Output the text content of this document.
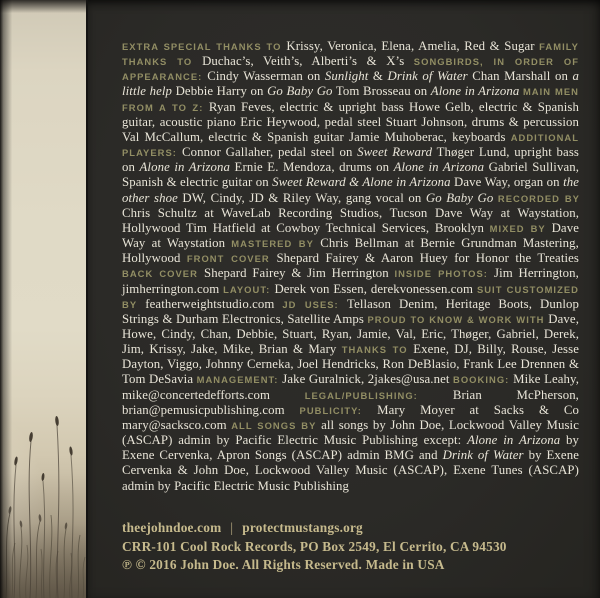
EXTRA SPECIAL THANKS TO Krissy, Veronica, Elena, Amelia, Red & Sugar FAMILY THANKS TO Duchac’s, Veith’s, Alberti’s & X’s SONGBIRDS, IN ORDER OF APPEARANCE: Cindy Wasserman on Sunlight & Drink of Water Chan Marshall on a little help Debbie Harry on Go Baby Go Tom Brosseau on Alone in Arizona MAIN MEN FROM A TO Z: Ryan Feves, electric & upright bass Howe Gelb, electric & Spanish guitar, acoustic piano Eric Heywood, pedal steel Stuart Johnson, drums & percussion Val McCallum, electric & Spanish guitar Jamie Muhoberac, keyboards ADDITIONAL PLAYERS: Connor Gallaher, pedal steel on Sweet Reward Thøger Lund, upright bass on Alone in Arizona Ernie E. Mendoza, drums on Alone in Arizona Gabriel Sullivan, Spanish & electric guitar on Sweet Reward & Alone in Arizona Dave Way, organ on the other shoe DW, Cindy, JD & Riley Way, gang vocal on Go Baby Go RECORDED BY Chris Schultz at WaveLab Recording Studios, Tucson Dave Way at Waystation, Hollywood Tim Hatfield at Cowboy Technical Services, Brooklyn MIXED BY Dave Way at Waystation MASTERED BY Chris Bellman at Bernie Grundman Mastering, Hollywood FRONT COVER Shepard Fairey & Aaron Huey for Honor the Treaties BACK COVER Shepard Fairey & Jim Herrington INSIDE PHOTOS: Jim Herrington, jimherrington.com LAYOUT: Derek von Essen, derekvonessen.com SUIT CUSTOMIZED BY featherweightstudio.com JD USES: Tellason Denim, Heritage Boots, Dunlop Strings & Durham Electronics, Satellite Amps PROUD TO KNOW & WORK WITH Dave, Howe, Cindy, Chan, Debbie, Stuart, Ryan, Jamie, Val, Eric, Thøger, Gabriel, Derek, Jim, Krissy, Jake, Mike, Brian & Mary THANKS TO Exene, DJ, Billy, Rouse, Jesse Dayton, Viggo, Johnny Cerneka, Joel Hendricks, Ron DeBlasio, Frank Lee Drennen & Tom DeSavia MANAGEMENT: Jake Guralnick, 2jakes@usa.net BOOKING: Mike Leahy, mike@concertedefforts.com LEGAL/PUBLISHING: Brian McPherson, brian@pemusicpublishing.com PUBLICITY: Mary Moyer at Sacks & Co mary@sacksco.com ALL SONGS BY all songs by John Doe, Lockwood Valley Music (ASCAP) admin by Pacific Electric Music Publishing except: Alone in Arizona by Exene Cervenka, Apron Songs (ASCAP) admin BMG and Drink of Water by Exene Cervenka & John Doe, Lockwood Valley Music (ASCAP), Exene Tunes (ASCAP) admin by Pacific Electric Music Publishing
theejohndoe.com | protectmustangs.org
CRR-101 Cool Rock Records, PO Box 2549, El Cerrito, CA 94530
℗ © 2016 John Doe. All Rights Reserved. Made in USA
